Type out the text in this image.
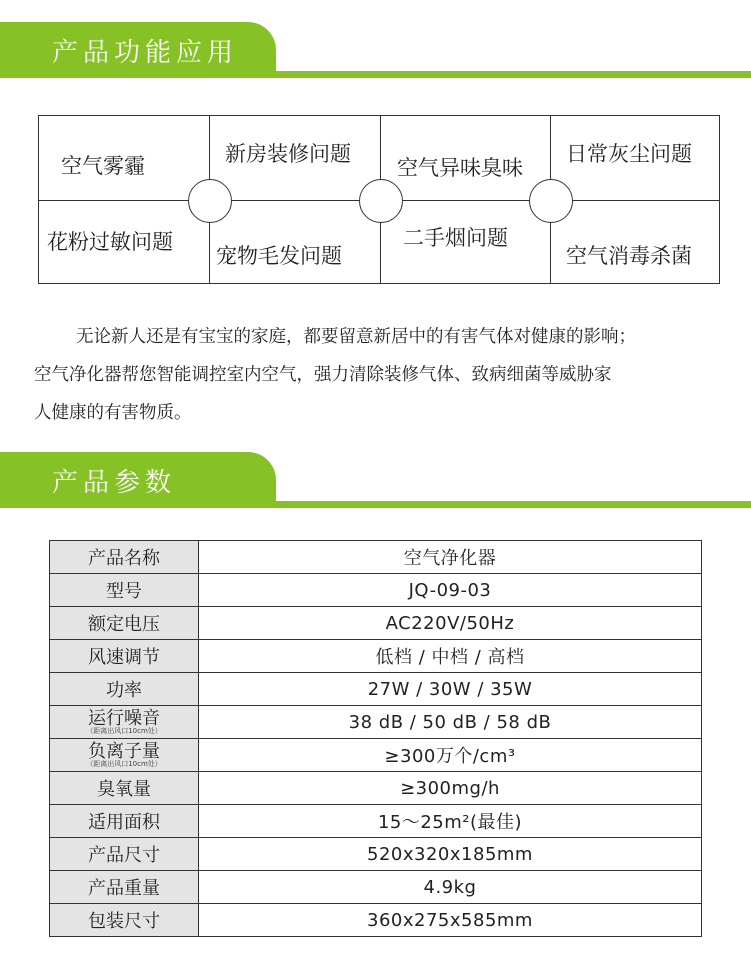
产品功能应用
空气雾霾	新房装修问题
空气异味臭味
日常灰尘问题
花粉过敏问题
宠物毛发问题
二手烟问题
空气消毒杀菌

无论新人还是有宝宝的家庭，都要留意新居中的有害气体对健康的影响；

空气净化器帮您智能调控室内空气，强力清除装修气体、致病细菌等威胁家

人健康的有害物质。

产品参数
产品名称	空气净化器
型号	JQ-09-03
额定电压	AC220V/50Hz
风速调节	低档 / 中档 / 高档
功率	27W / 30W / 35W

运行噪音
（距离出风口10cm处）	38 dB / 50 dB / 58 dB

负离子量
（距离出风口10cm处）	≥300万个/cm³
臭氧量	≥300mg/h
适用面积	15～25m²(最佳)
产品尺寸	520x320x185mm
产品重量	4.9kg
包装尺寸	360x275x585mm
